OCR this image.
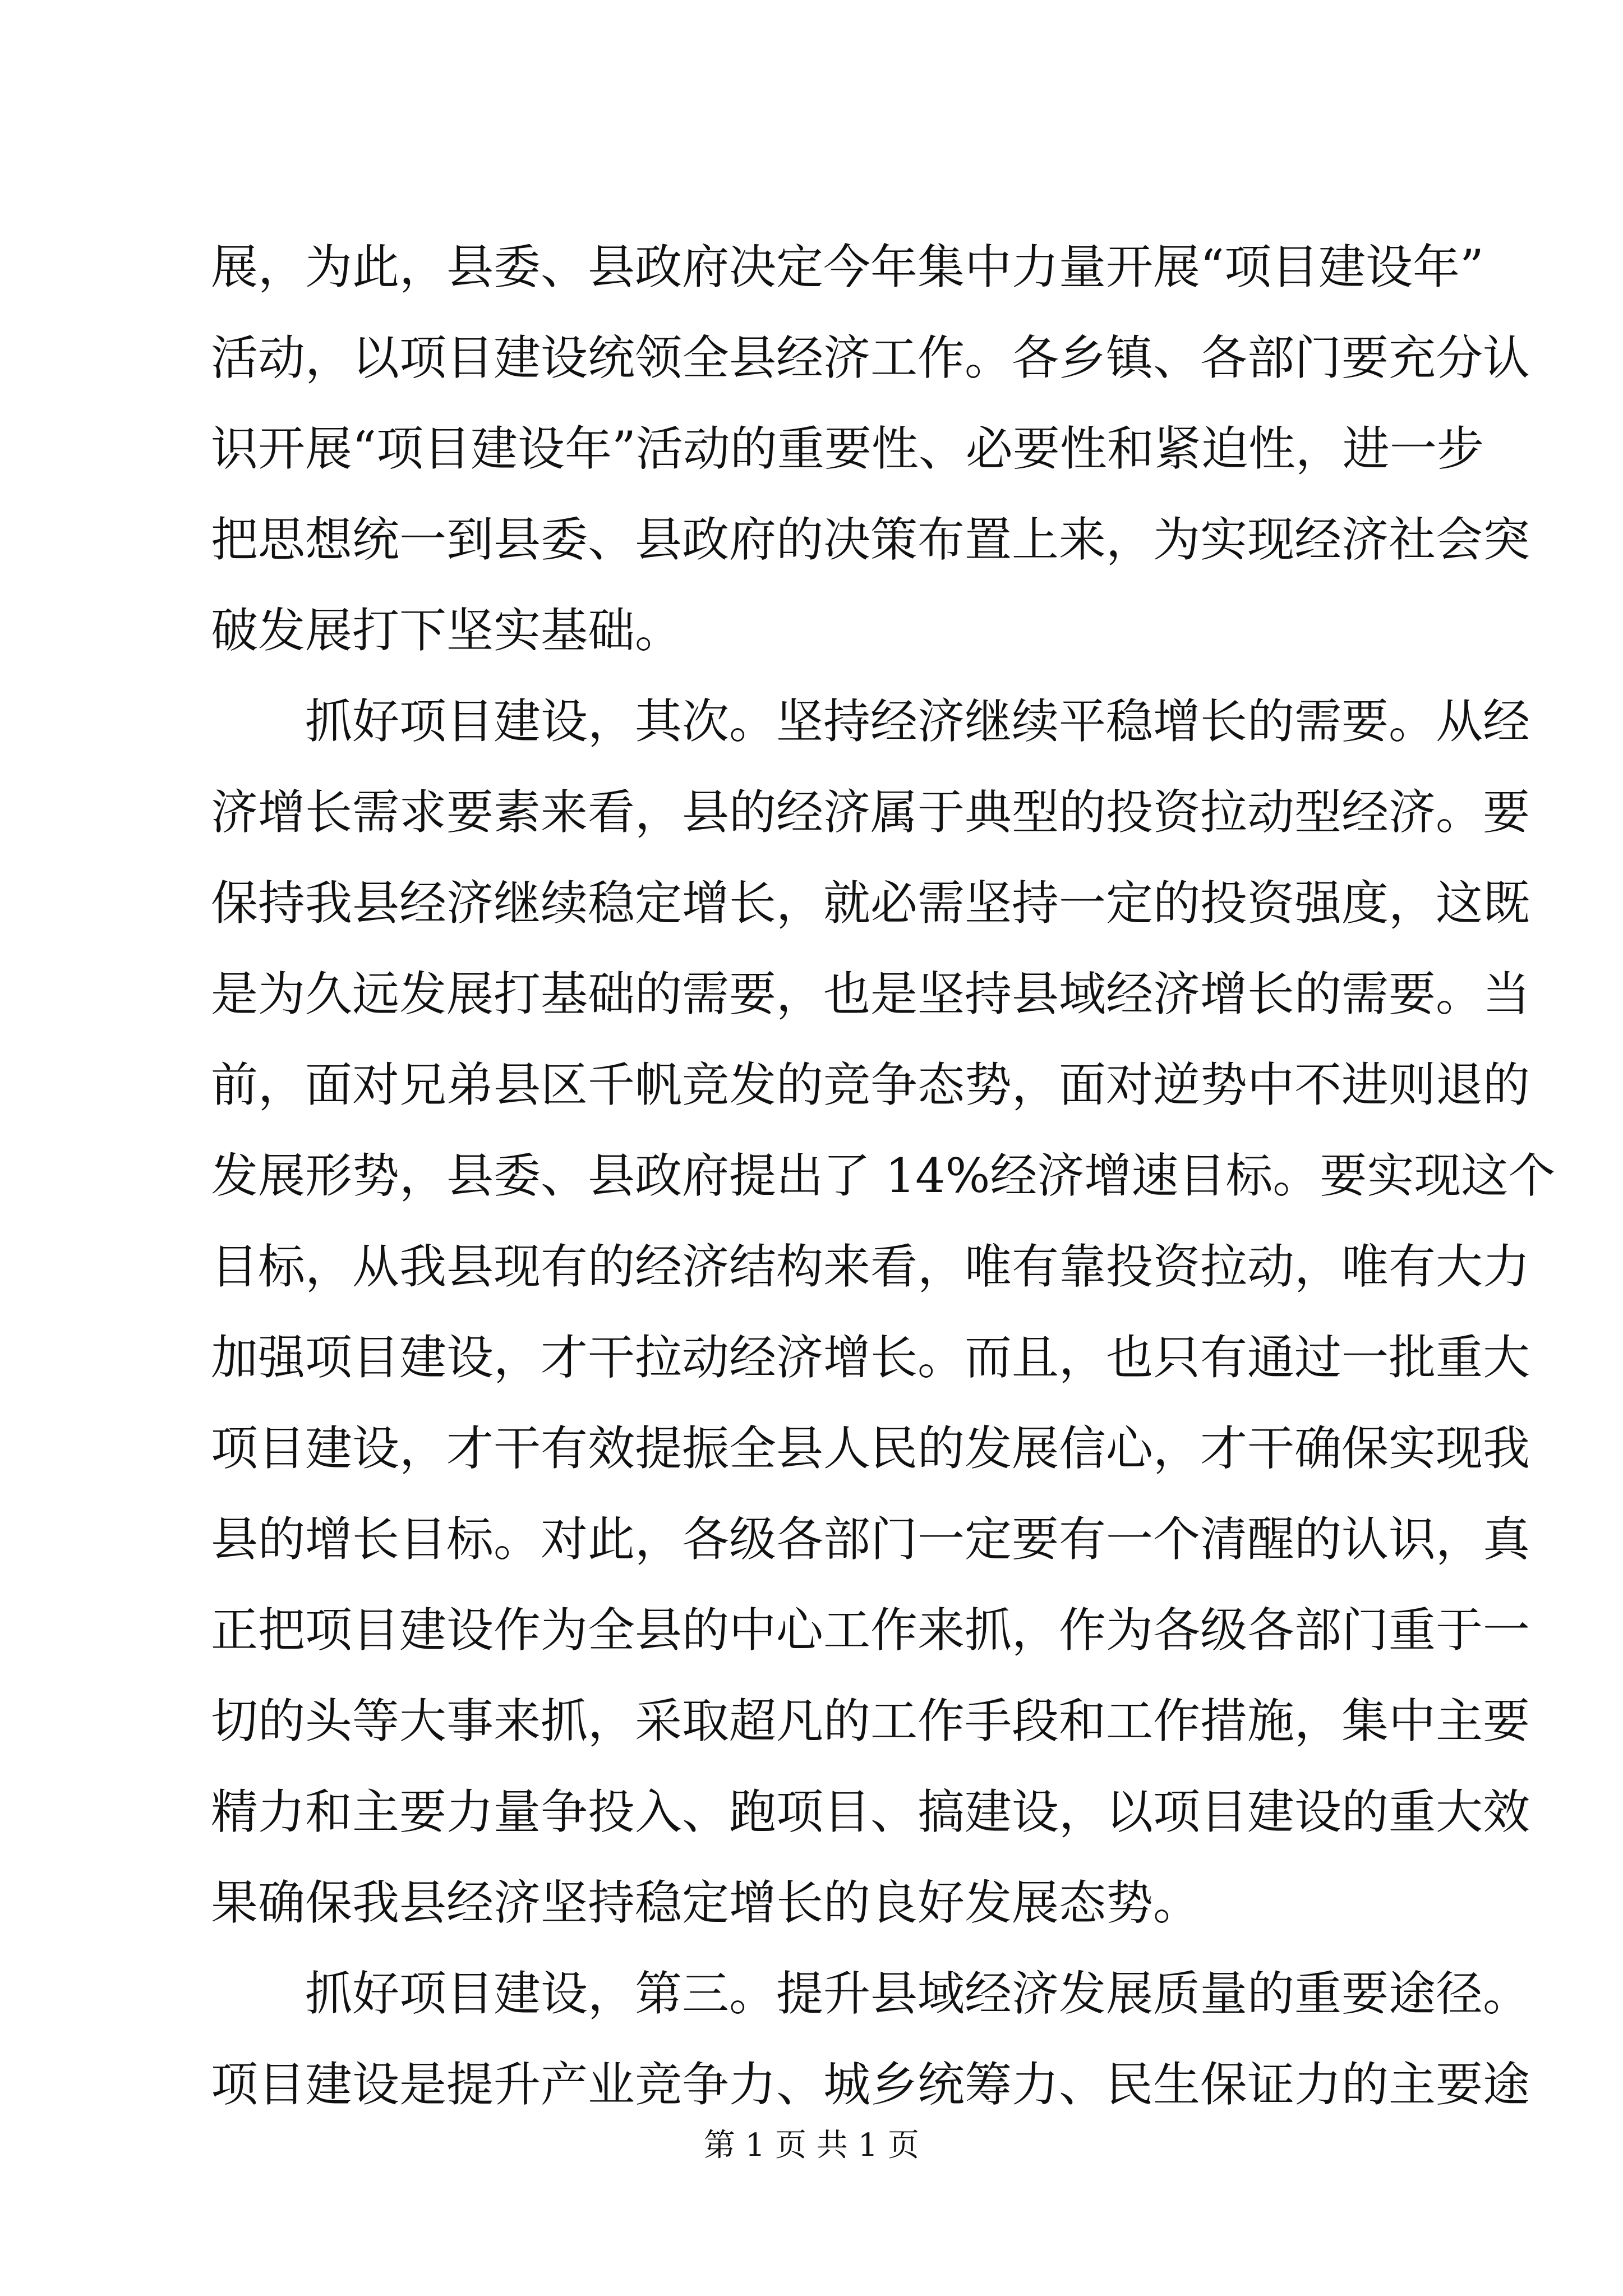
展，为此，县委、县政府决定今年集中力量开展“项目建设年”
活动，以项目建设统领全县经济工作。各乡镇、各部门要充分认
识开展“项目建设年”活动的重要性、必要性和紧迫性，进一步
把思想统一到县委、县政府的决策布置上来，为实现经济社会突
破发展打下坚实基础。
抓好项目建设，其次。坚持经济继续平稳增长的需要。从经
济增长需求要素来看，县的经济属于典型的投资拉动型经济。要
保持我县经济继续稳定增长，就必需坚持一定的投资强度，这既
是为久远发展打基础的需要，也是坚持县域经济增长的需要。当
前，面对兄弟县区千帆竞发的竞争态势，面对逆势中不进则退的
发展形势，县委、县政府提出了 14%经济增速目标。要实现这个
目标，从我县现有的经济结构来看，唯有靠投资拉动，唯有大力
加强项目建设，才干拉动经济增长。而且，也只有通过一批重大
项目建设，才干有效提振全县人民的发展信心，才干确保实现我
县的增长目标。对此，各级各部门一定要有一个清醒的认识，真
正把项目建设作为全县的中心工作来抓，作为各级各部门重于一
切的头等大事来抓，采取超凡的工作手段和工作措施，集中主要
精力和主要力量争投入、跑项目、搞建设，以项目建设的重大效
果确保我县经济坚持稳定增长的良好发展态势。
抓好项目建设，第三。提升县域经济发展质量的重要途径。
项目建设是提升产业竞争力、城乡统筹力、民生保证力的主要途
第 1 页 共 1 页
